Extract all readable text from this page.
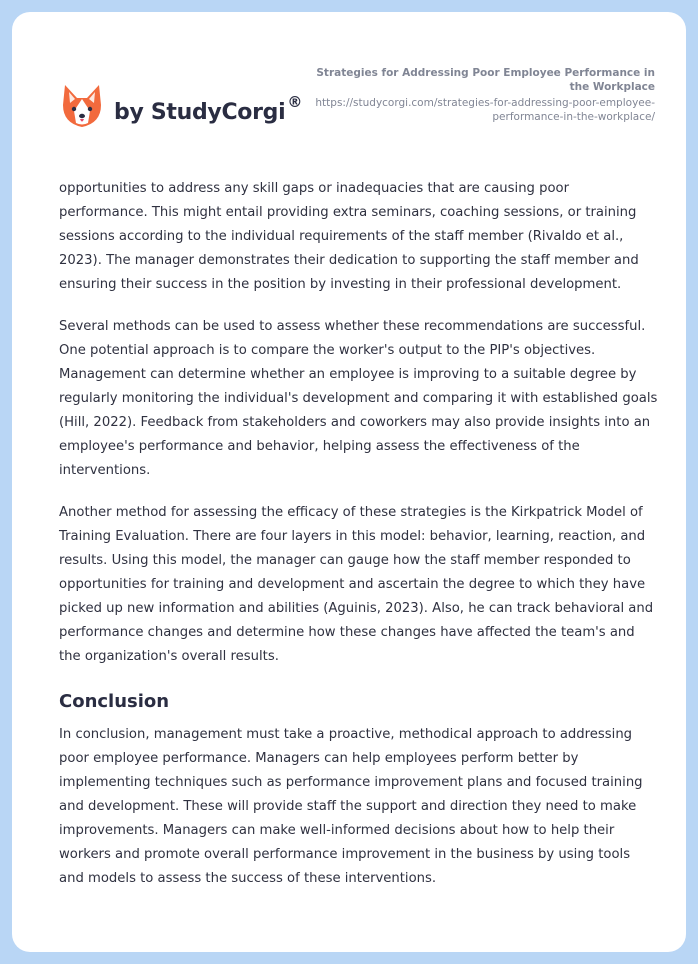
by StudyCorgi ®
Strategies for Addressing Poor Employee Performance in the Workplace
https://studycorgi.com/strategies-for-addressing-poor-employee-performance-in-the-workplace/

opportunities to address any skill gaps or inadequacies that are causing poor performance. This might entail providing extra seminars, coaching sessions, or training sessions according to the individual requirements of the staff member (Rivaldo et al., 2023). The manager demonstrates their dedication to supporting the staff member and ensuring their success in the position by investing in their professional development.

Several methods can be used to assess whether these recommendations are successful. One potential approach is to compare the worker's output to the PIP's objectives. Management can determine whether an employee is improving to a suitable degree by regularly monitoring the individual's development and comparing it with established goals (Hill, 2022). Feedback from stakeholders and coworkers may also provide insights into an employee's performance and behavior, helping assess the effectiveness of the interventions.

Another method for assessing the efficacy of these strategies is the Kirkpatrick Model of Training Evaluation. There are four layers in this model: behavior, learning, reaction, and results. Using this model, the manager can gauge how the staff member responded to opportunities for training and development and ascertain the degree to which they have picked up new information and abilities (Aguinis, 2023). Also, he can track behavioral and performance changes and determine how these changes have affected the team's and the organization's overall results.

Conclusion

In conclusion, management must take a proactive, methodical approach to addressing poor employee performance. Managers can help employees perform better by implementing techniques such as performance improvement plans and focused training and development. These will provide staff the support and direction they need to make improvements. Managers can make well-informed decisions about how to help their workers and promote overall performance improvement in the business by using tools and models to assess the success of these interventions.
